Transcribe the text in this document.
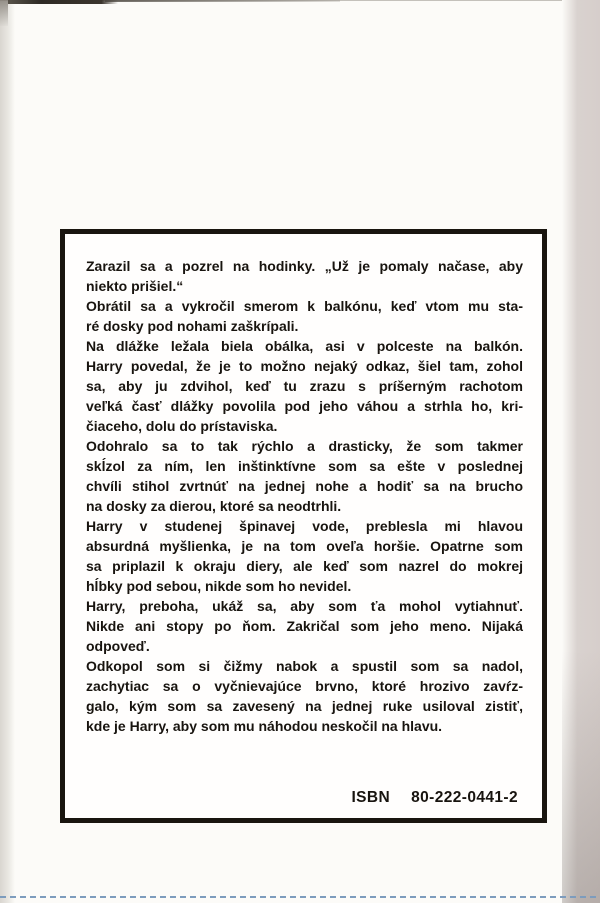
Zarazil sa a pozrel na hodinky. „Už je pomaly načase, aby
niekto prišiel.“
Obrátil sa a vykročil smerom k balkónu, keď vtom mu sta-
ré dosky pod nohami zaškrípali.
Na dlážke ležala biela obálka, asi v polceste na balkón.
Harry povedal, že je to možno nejaký odkaz, šiel tam, zohol
sa, aby ju zdvihol, keď tu zrazu s príšerným rachotom
veľká časť dlážky povolila pod jeho váhou a strhla ho, kri-
čiaceho, dolu do prístaviska.
Odohralo sa to tak rýchlo a drasticky, že som takmer
skĺzol za ním, len inštinktívne som sa ešte v poslednej
chvíli stihol zvrtnúť na jednej nohe a hodiť sa na brucho
na dosky za dierou, ktoré sa neodtrhli.
Harry v studenej špinavej vode, preblesla mi hlavou
absurdná myšlienka, je na tom oveľa horšie. Opatrne som
sa priplazil k okraju diery, ale keď som nazrel do mokrej
hĺbky pod sebou, nikde som ho nevidel.
Harry, preboha, ukáž sa, aby som ťa mohol vytiahnuť.
Nikde ani stopy po ňom. Zakričal som jeho meno. Nijaká
odpoveď.
Odkopol som si čižmy nabok a spustil som sa nadol,
zachytiac sa o vyčnievajúce brvno, ktoré hrozivo zavŕz-
galo, kým som sa zavesený na jednej ruke usiloval zistiť,
kde je Harry, aby som mu náhodou neskočil na hlavu.
ISBN 80-222-0441-2
